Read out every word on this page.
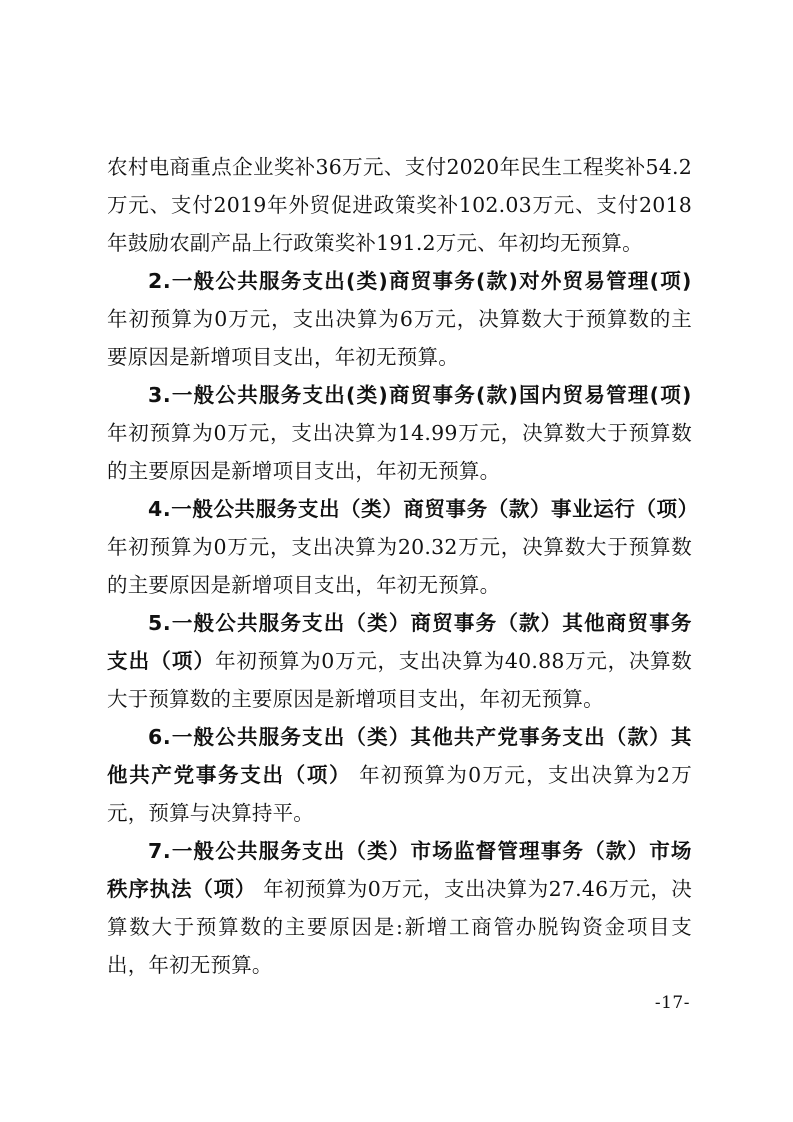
农村电商重点企业奖补36万元、支付2020年民生工程奖补54.2万元、支付2019年外贸促进政策奖补102.03万元、支付2018年鼓励农副产品上行政策奖补191.2万元、年初均无预算。

2.一般公共服务支出(类)商贸事务(款)对外贸易管理(项)年初预算为0万元，支出决算为6万元，决算数大于预算数的主要原因是新增项目支出，年初无预算。

3.一般公共服务支出(类)商贸事务(款)国内贸易管理(项)年初预算为0万元，支出决算为14.99万元，决算数大于预算数的主要原因是新增项目支出，年初无预算。

4.一般公共服务支出（类）商贸事务（款）事业运行（项）年初预算为0万元，支出决算为20.32万元，决算数大于预算数的主要原因是新增项目支出，年初无预算。

5.一般公共服务支出（类）商贸事务（款）其他商贸事务支出（项）年初预算为0万元，支出决算为40.88万元，决算数大于预算数的主要原因是新增项目支出，年初无预算。

6.一般公共服务支出（类）其他共产党事务支出（款）其他共产党事务支出（项） 年初预算为0万元，支出决算为2万元，预算与决算持平。

7.一般公共服务支出（类）市场监督管理事务（款）市场秩序执法（项） 年初预算为0万元，支出决算为27.46万元，决算数大于预算数的主要原因是:新增工商管办脱钩资金项目支出，年初无预算。

-17-
